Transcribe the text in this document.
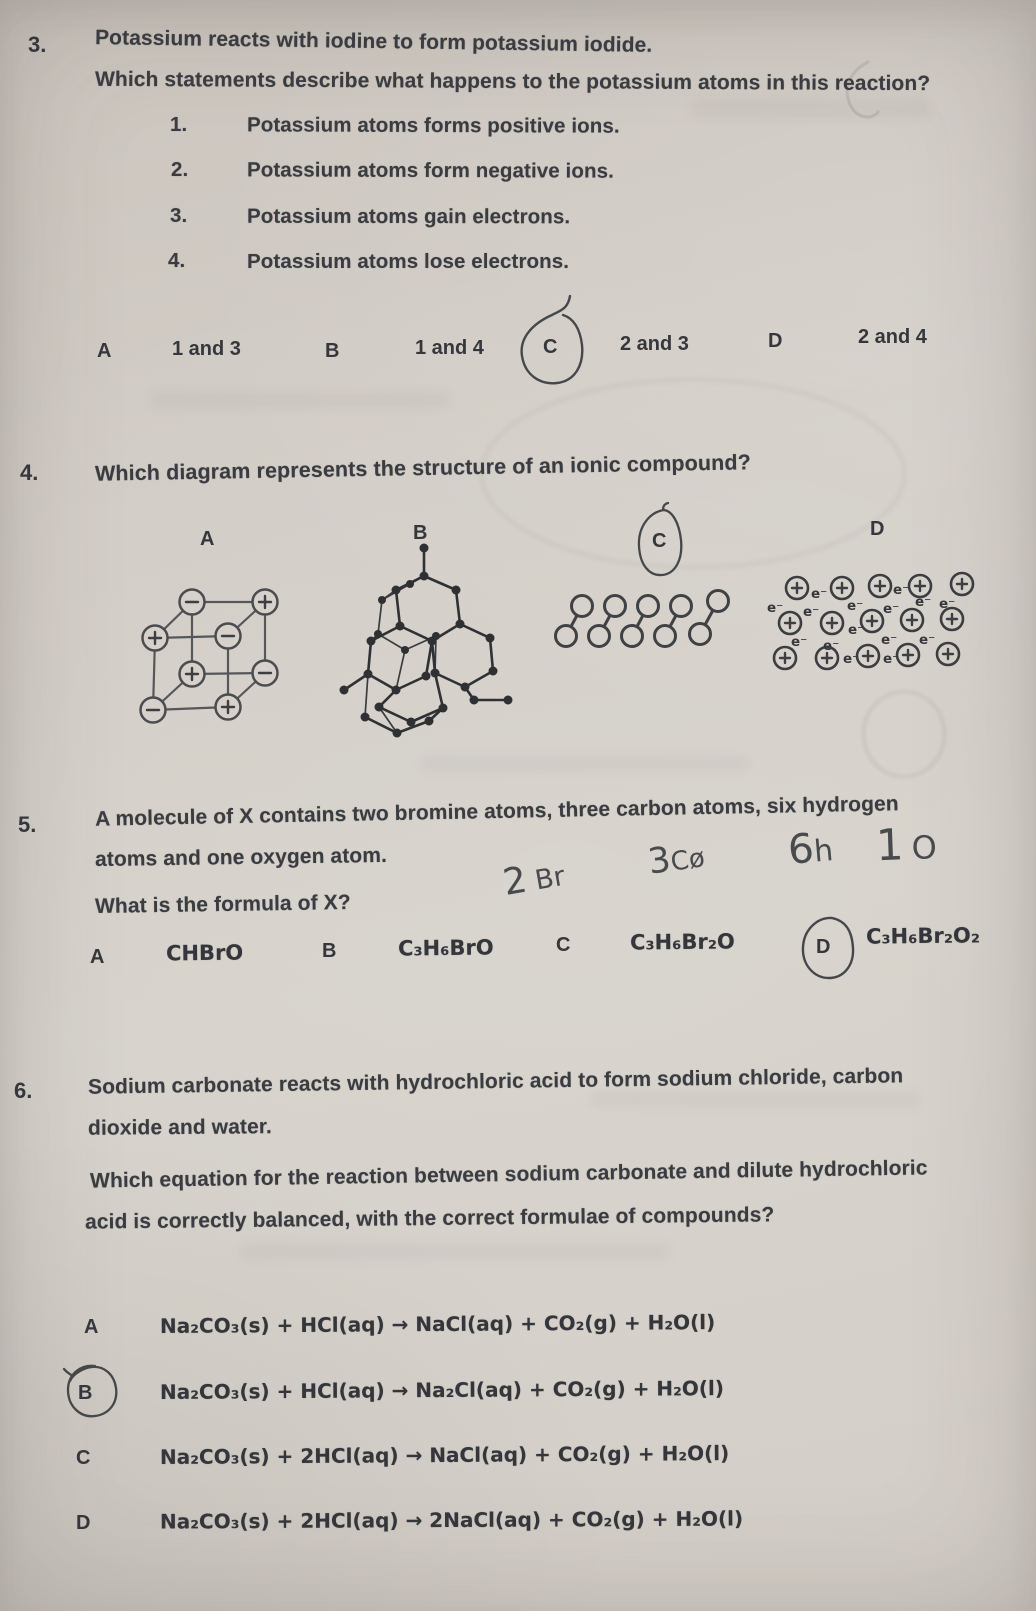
3. Potassium reacts with iodine to form potassium iodide.
Which statements describe what happens to the potassium atoms in this reaction?
1.	Potassium atoms forms positive ions.
2.	Potassium atoms form negative ions.
3.	Potassium atoms gain electrons.
4.	Potassium atoms lose electrons.
A	1 and 3	B	1 and 4	C	2 and 3	D	2 and 4
4.	Which diagram represents the structure of an ionic compound?
A	B	C
D
e⁻	e⁻
e⁻ e⁻ e⁻ e⁻ e⁻ e⁻
e⁻
e⁻ e⁻	e⁻ e⁻
e⁻ e⁻
5.	A molecule of X contains two bromine atoms, three carbon atoms, six hydrogen
atoms and one oxygen atom.
2 Br	3Cø	6h 1O
What is the formula of X?
A	CHBrO	B	C₃H₆BrO	C	C₃H₆Br₂O	D C₃H₆Br₂O₂
6.	Sodium carbonate reacts with hydrochloric acid to form sodium chloride, carbon
dioxide and water.
Which equation for the reaction between sodium carbonate and dilute hydrochloric
acid is correctly balanced, with the correct formulae of compounds?
A	Na₂CO₃(s) + HCl(aq) → NaCl(aq) + CO₂(g) + H₂O(l)
B	Na₂CO₃(s) + HCl(aq) → Na₂Cl(aq) + CO₂(g) + H₂O(l)
C	Na₂CO₃(s) + 2HCl(aq) → NaCl(aq) + CO₂(g) + H₂O(l)
D	Na₂CO₃(s) + 2HCl(aq) → 2NaCl(aq) + CO₂(g) + H₂O(l)
